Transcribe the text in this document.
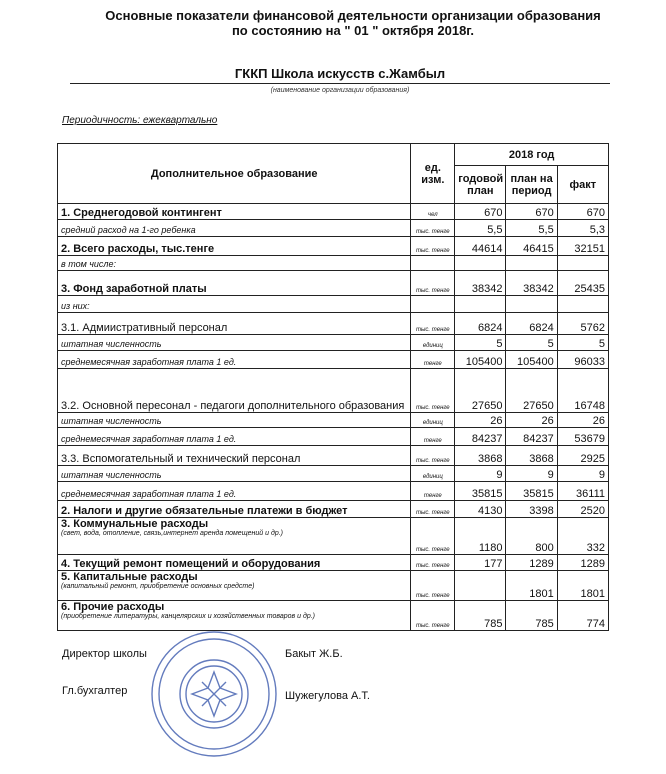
Основные показатели финансовой деятельности организации образования
по состоянию на " 01 " октября 2018г.
ГККП Школа искусств с.Жамбыл
(наименование организации образования)
Периодичность: ежеквартально
Дополнительное образование	ед. изм.	2018 год		
		годовой план	план на период	факт
1. Среднегодовой контингент	чел	670	670	670
средний расход на 1-го ребенка	тыс. тенге	5,5	5,5	5,3
2. Всего расходы, тыс.тенге	тыс. тенге	44614	46415	32151
в том числе:				
3. Фонд заработной платы	тыс. тенге	38342	38342	25435
из них:				
3.1. Адмиистративный персонал	тыс. тенге	6824	6824	5762
штатная численность	единиц	5	5	5
среднемесячная заработная плата 1 ед.	тенге	105400	105400	96033
3.2. Основной пересонал - педагоги дополнительного образования	тыс. тенге	27650	27650	16748
штатная численность	единиц	26	26	26
среднемесячная заработная плата 1 ед.	тенге	84237	84237	53679
3.3. Вспомогательный и технический персонал	тыс. тенге	3868	3868	2925
штатная численность	единиц	9	9	9
среднемесячная заработная плата 1 ед.	тенге	35815	35815	36111
2. Налоги и другие обязательные платежи в бюджет	тыс. тенге	4130	3398	2520
3. Коммунальные расходы
(свет, вода, отопление, связь,интернет арeнда помещений и др.)	тыс. тенге	1180	800	332
4. Текущий ремонт помещений и оборудования	тыс. тенге	177	1289	1289
5. Капитальные расходы
(капитальный ремонт, приобретение основных средсте)	тыс. тенге		1801	1801
6. Прочие расходы
(приобретение литературы, канцелярских и хозяйственных товаров и др.)	тыс. тенге	785	785	774
Директор школы	Бакыт Ж.Б.
Гл.бухгалтер	Шужегулова А.Т.
